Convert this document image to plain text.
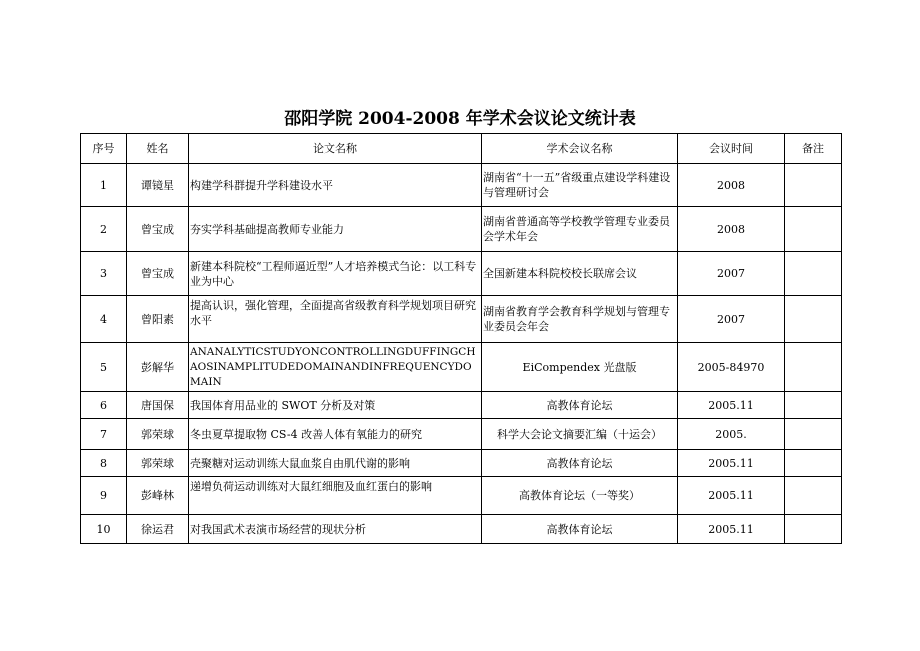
邵阳学院 2004-2008 年学术会议论文统计表
序号	姓名	论文名称	学术会议名称	会议时间	备注
1	谭镜星	构建学科群提升学科建设水平	湖南省“十一五”省级重点建设学科建设与管理研讨会	2008	
2	曾宝成	夯实学科基础提高教师专业能力	湖南省普通高等学校教学管理专业委员会学术年会	2008	
3	曾宝成	新建本科院校“工程师逼近型”人才培养模式刍论：以工科专业为中心	全国新建本科院校校长联席会议	2007	
4	曾阳素	提高认识，强化管理，全面提高省级教育科学规划项目研究水平	湖南省教育学会教育科学规划与管理专业委员会年会	2007	
5	彭解华	ANANALYTICSTUDYONCONTROLLINGDUFFINGCHAOSINAMPLITUDEDOMAINANDINFREQUENCYDOMAIN	EiCompendex 光盘版	2005-84970	
6	唐国保	我国体育用品业的 SWOT 分析及对策	高教体育论坛	2005.11	
7	郭荣球	冬虫夏草提取物 CS-4 改善人体有氧能力的研究	科学大会论文摘要汇编（十运会）	2005.	
8	郭荣球	壳聚糖对运动训练大鼠血浆自由肌代谢的影响	高教体育论坛	2005.11	
9	彭峰林	递增负荷运动训练对大鼠红细胞及血红蛋白的影响	高教体育论坛（一等奖）	2005.11	
10	徐运君	对我国武术表演市场经营的现状分析	高教体育论坛	2005.11	
